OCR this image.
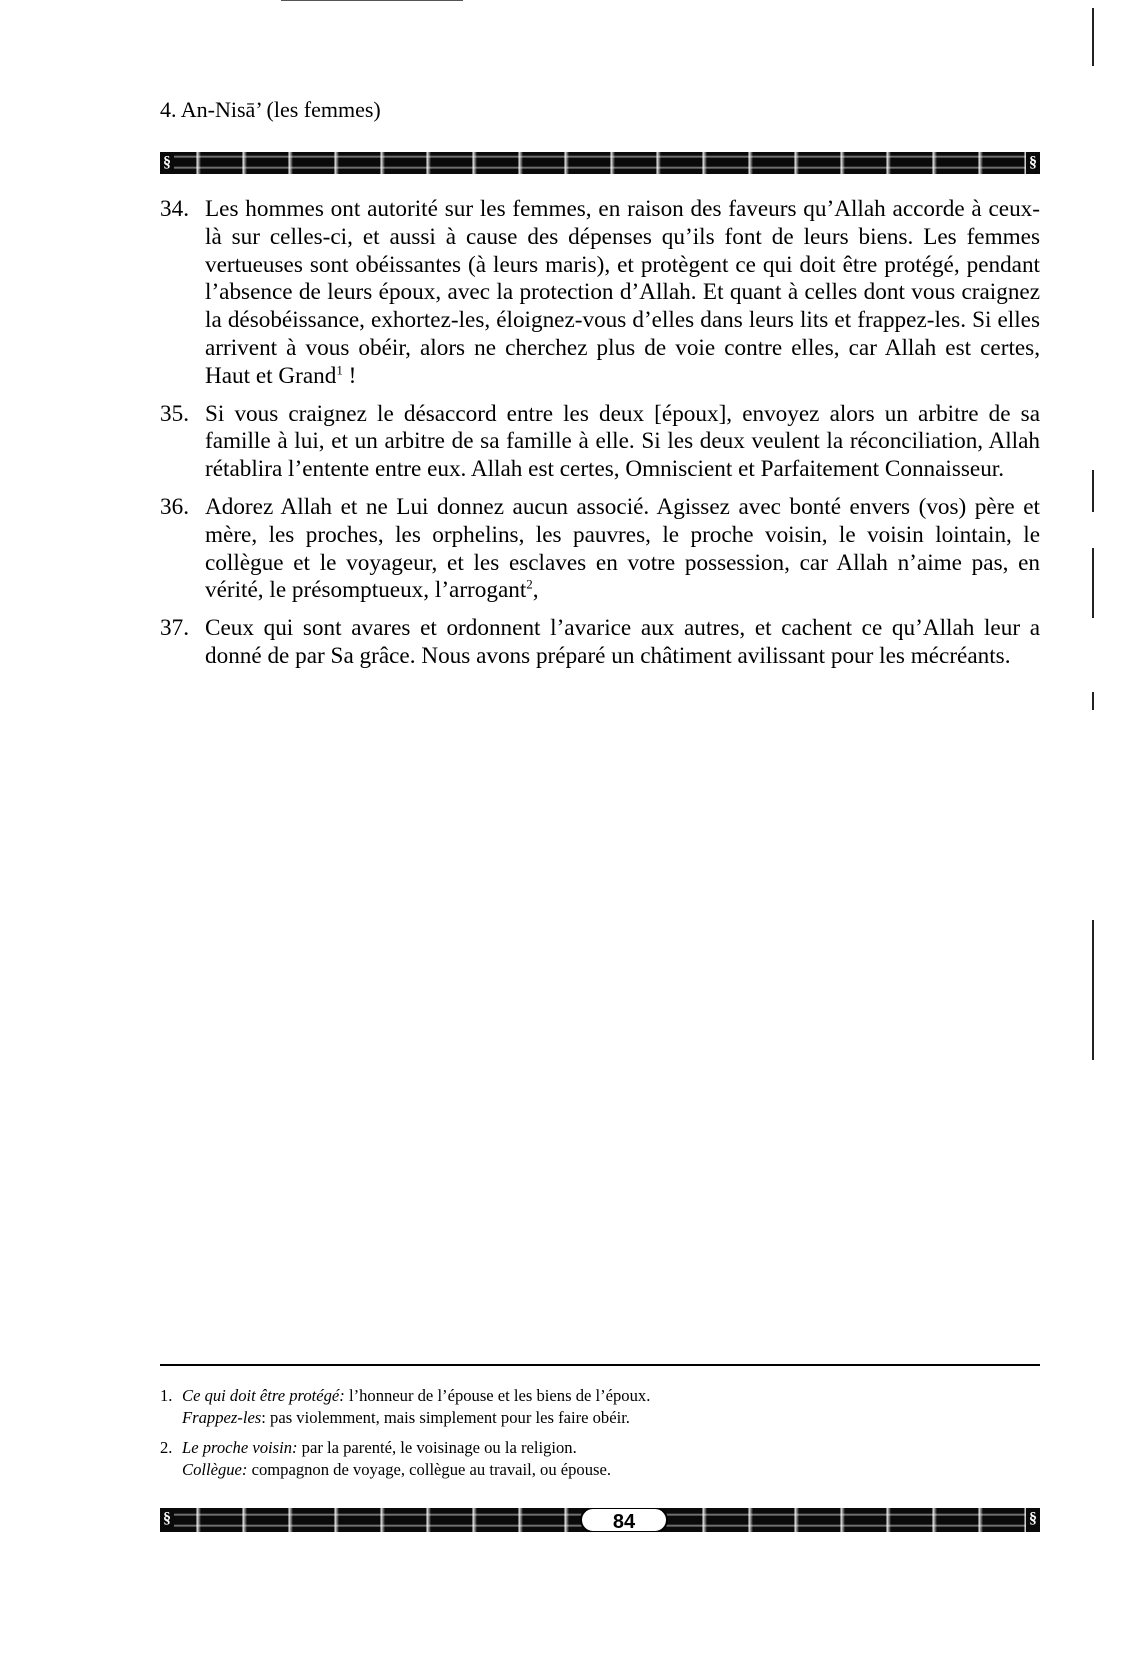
4. An-Nisā’ (les femmes)
§	§
34. Les hommes ont autorité sur les femmes, en raison des faveurs qu’Allah accorde à ceux-là sur celles-ci, et aussi à cause des dépenses qu’ils font de leurs biens. Les femmes vertueuses sont obéissantes (à leurs maris), et protègent ce qui doit être protégé, pendant l’absence de leurs époux, avec la protection d’Allah. Et quant à celles dont vous craignez la désobéissance, exhortez-les, éloignez-vous d’elles dans leurs lits et frappez-les. Si elles arrivent à vous obéir, alors ne cherchez plus de voie contre elles, car Allah est certes, Haut et Grand$^1$ !
35. Si vous craignez le désaccord entre les deux [époux], envoyez alors un arbitre de sa famille à lui, et un arbitre de sa famille à elle. Si les deux veulent la réconciliation, Allah rétablira l’entente entre eux. Allah est certes, Omniscient et Parfaitement Connaisseur.
36. Adorez Allah et ne Lui donnez aucun associé. Agissez avec bonté envers (vos) père et mère, les proches, les orphelins, les pauvres, le proche voisin, le voisin lointain, le collègue et le voyageur, et les esclaves en votre possession, car Allah n’aime pas, en vérité, le présomptueux, l’arrogant$^2$,
37. Ceux qui sont avares et ordonnent l’avarice aux autres, et cachent ce qu’Allah leur a donné de par Sa grâce. Nous avons préparé un châtiment avilissant pour les mécréants.
1. Ce qui doit être protégé: l’honneur de l’épouse et les biens de l’époux.
Frappez-les: pas violemment, mais simplement pour les faire obéir.
2. Le proche voisin: par la parenté, le voisinage ou la religion.
Collègue: compagnon de voyage, collègue au travail, ou épouse.
§	84	§
